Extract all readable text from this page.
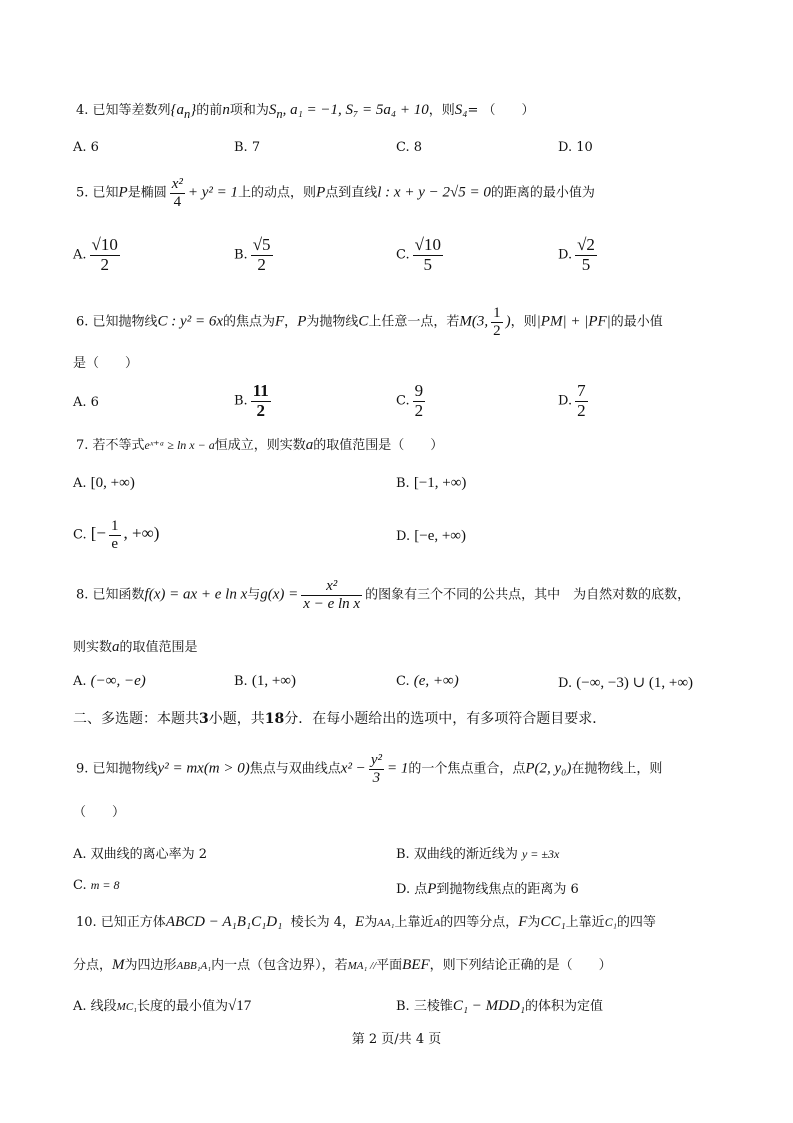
4. 已知等差数列$\{a_n\}$的前n项和为$S_n$, a₁ = −1, S₇ = 5a₄ + 10，则S₄= （　　）
A. 6	B. 7	C. 8	D. 10
5. 已知P是椭圆 $\frac{\text{x²}}{4} + y^2 = 1$上的动点，则P点到直线l : x + y − 2√5 = 0的距离的最小值为
A. $\frac{√10}{2}$	B. $\frac{√5}{2}$	C. $\frac{√10}{5}$	D. $\frac{√2}{5}$
6. 已知抛物线C : y² = 6x的焦点为F，P为抛物线C上任意一点，若M(3, $\frac{1}{2}$ )，则|PM| + |PF|的最小值
是（　　）
A. 6	B. $\frac{11}{2}$	C. $\frac{9}{2}$	D. $\frac{7}{2}$
7. 若不等式eˣ⁺ᵃ ≥ ln x − a恒成立，则实数a的取值范围是（　　）
A. [0, +∞)	B. [−1, +∞)
C. [− $\frac{1}{e}$ , +∞)	D. [−e, +∞)
8. 已知函数f(x) = ax + e ln x与$g(x) = \frac{\text{x²}}{\text{x − e ln x}}$ 的图象有三个不同的公共点，其中　为自然对数的底数，
则实数a的取值范围是
A. (−∞, −e)	B. (1, +∞)	C. (e, +∞)	D. (−∞, −3) ∪ (1, +∞)
二、多选题：本题共3小题，共18分．在每小题给出的选项中，有多项符合题目要求．
9. 已知抛物线y² = mx(m > 0)焦点与双曲线点$x^2 - \frac{\text{y²}}{3} = 1$的一个焦点重合，点P(2, y₀)在抛物线上，则
（　　）
A. 双曲线的离心率为 2	B. 双曲线的渐近线为 y = ±3x
C. m = 8	D. 点P到抛物线焦点的距离为 6
10. 已知正方体ABCD − A₁B₁C₁D₁ 棱长为 4，E为AA₁上靠近A的四等分点，F为CC₁上靠近C₁的四等
分点，M为四边形ABB₁A₁内一点（包含边界），若MA₁ //平面BEF，则下列结论正确的是（　　）
A. 线段MC₁长度的最小值为√17	B. 三棱锥C₁ − MDD₁的体积为定值
第 2 页/共 4 页
